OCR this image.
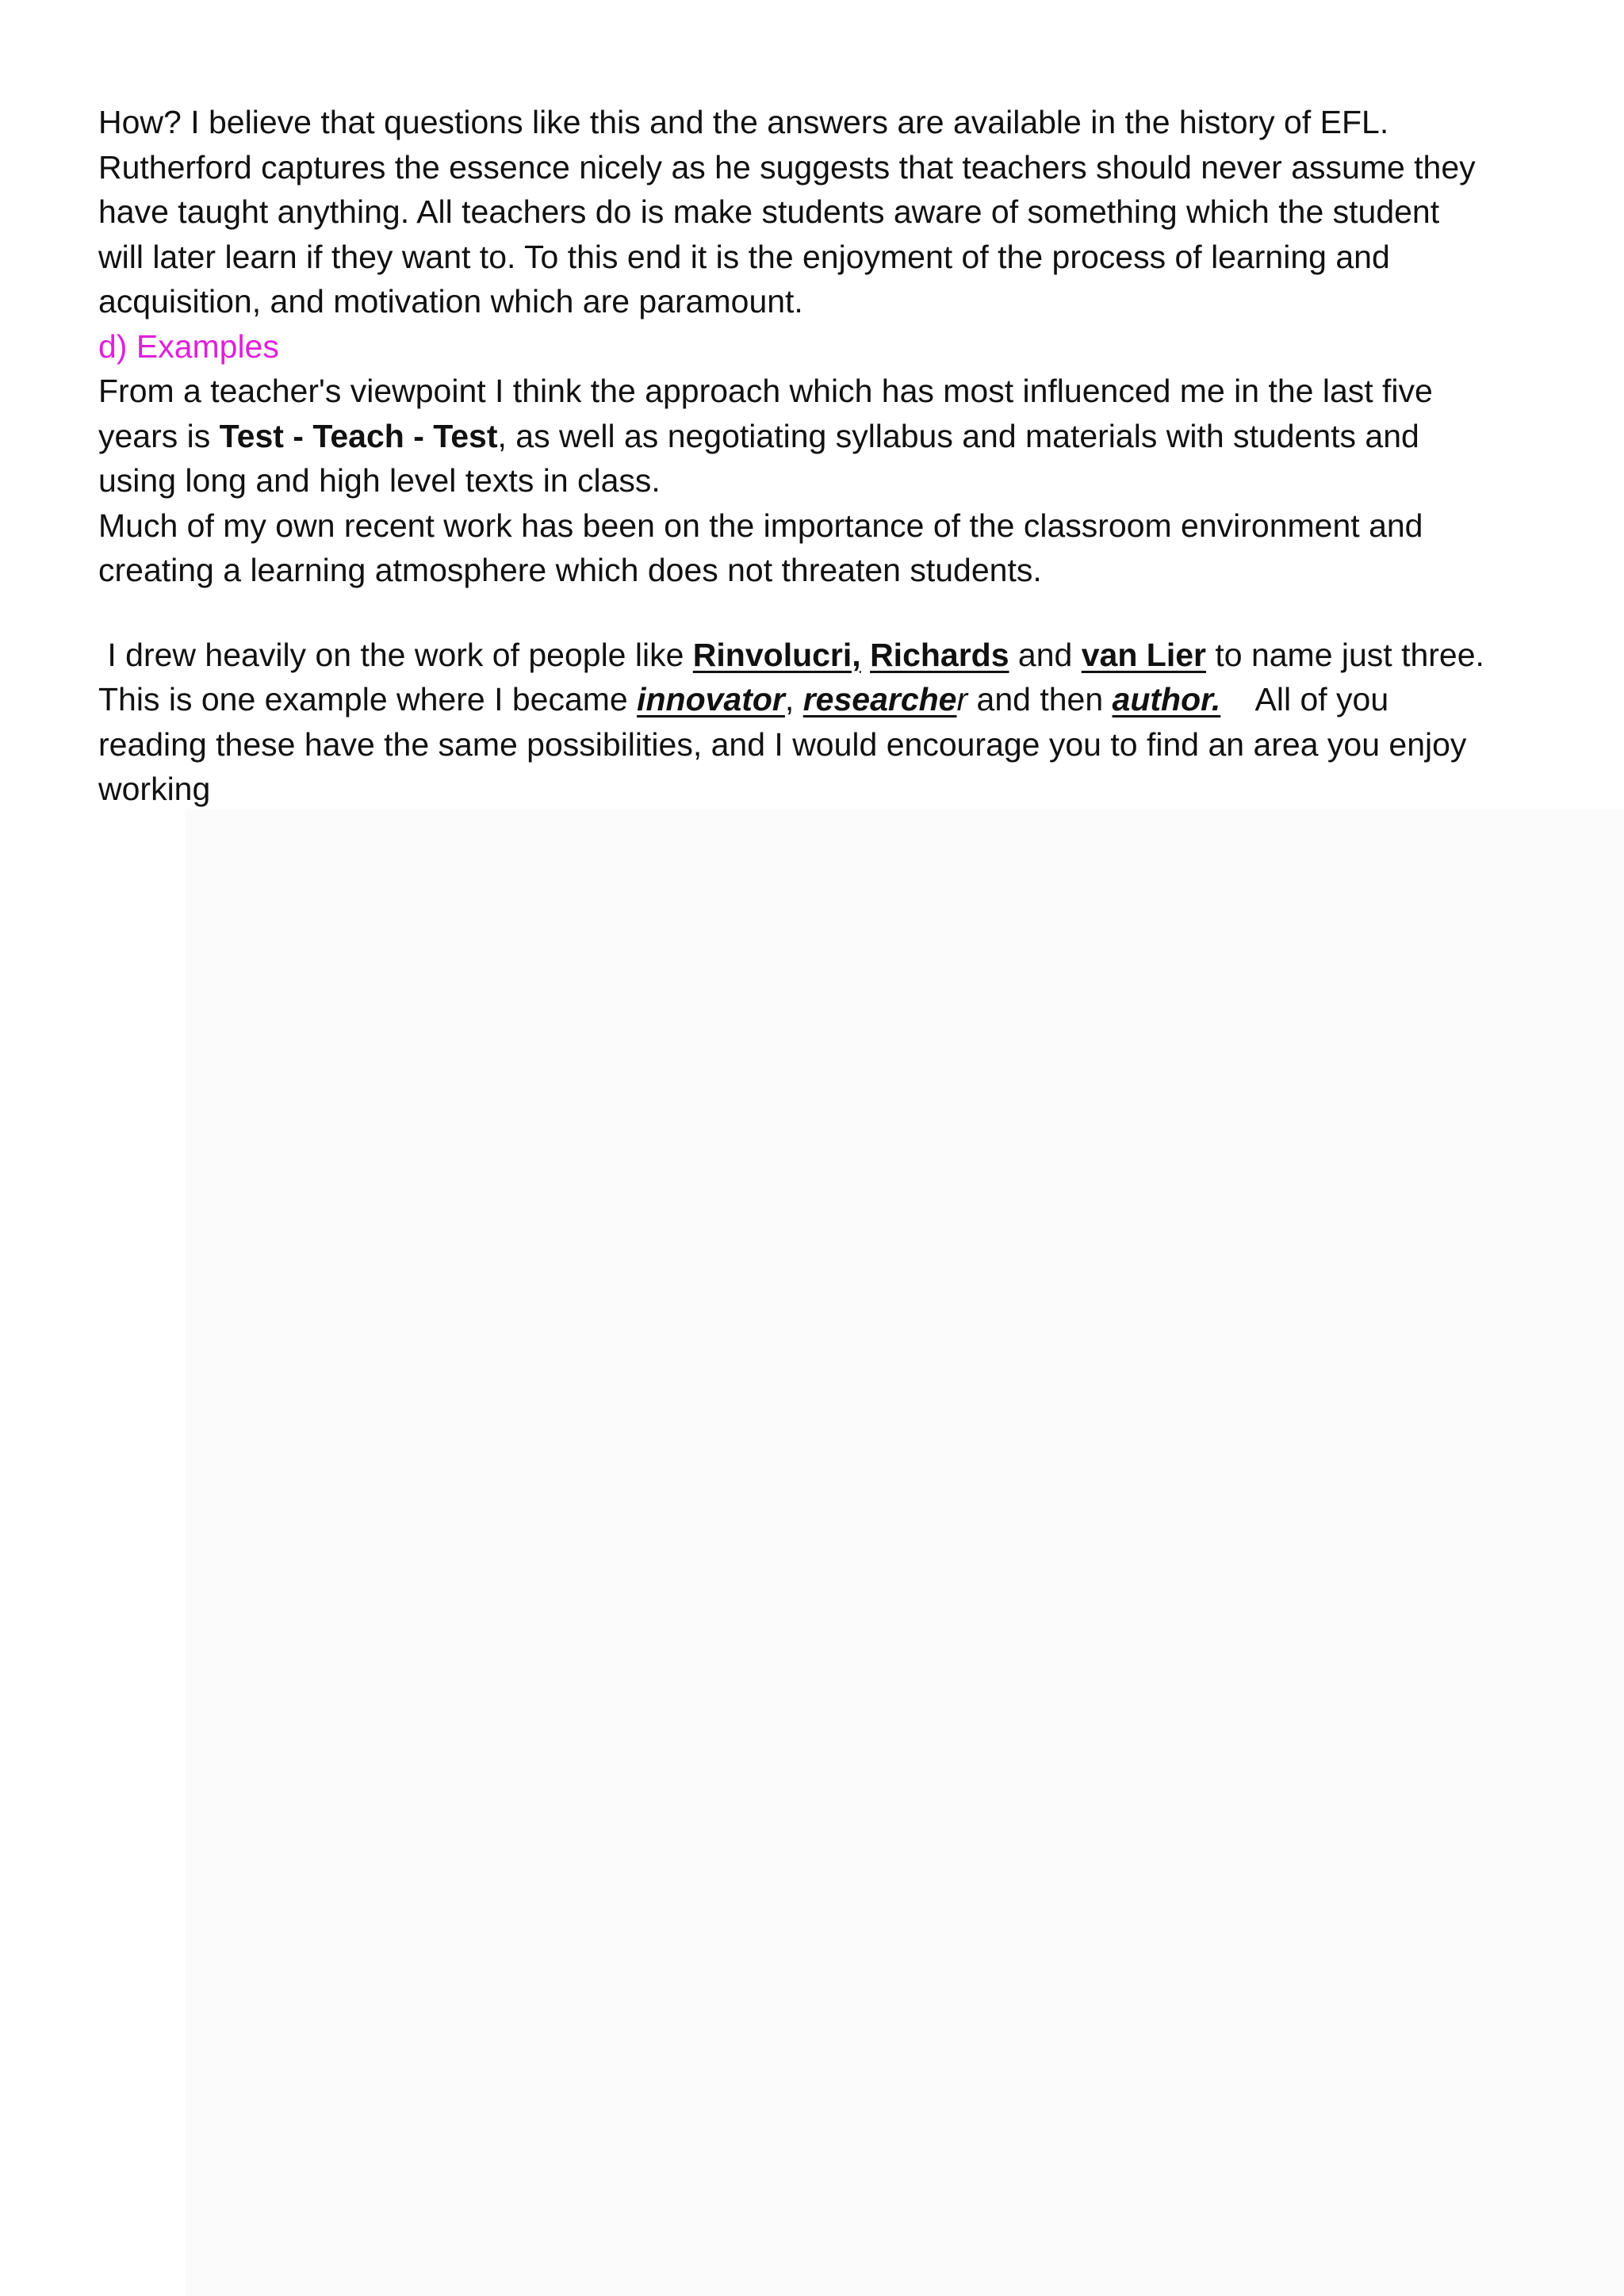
How? I believe that questions like this and the answers are available in the history of EFL.
Rutherford captures the essence nicely as he suggests that teachers should never assume they
have taught anything. All teachers do is make students aware of something which the student
will later learn if they want to. To this end it is the enjoyment of the process of learning and
acquisition, and motivation which are paramount.
d) Examples
From a teacher's viewpoint I think the approach which has most influenced me in the last five
years is Test - Teach - Test, as well as negotiating syllabus and materials with students and
using long and high level texts in class.
Much of my own recent work has been on the importance of the classroom environment and
creating a learning atmosphere which does not threaten students.
I drew heavily on the work of people like Rinvolucri, Richards and van Lier to name just three.
This is one example where I became innovator, researcher and then author.    All of you
reading these have the same possibilities, and I would encourage you to find an area you enjoy
working
